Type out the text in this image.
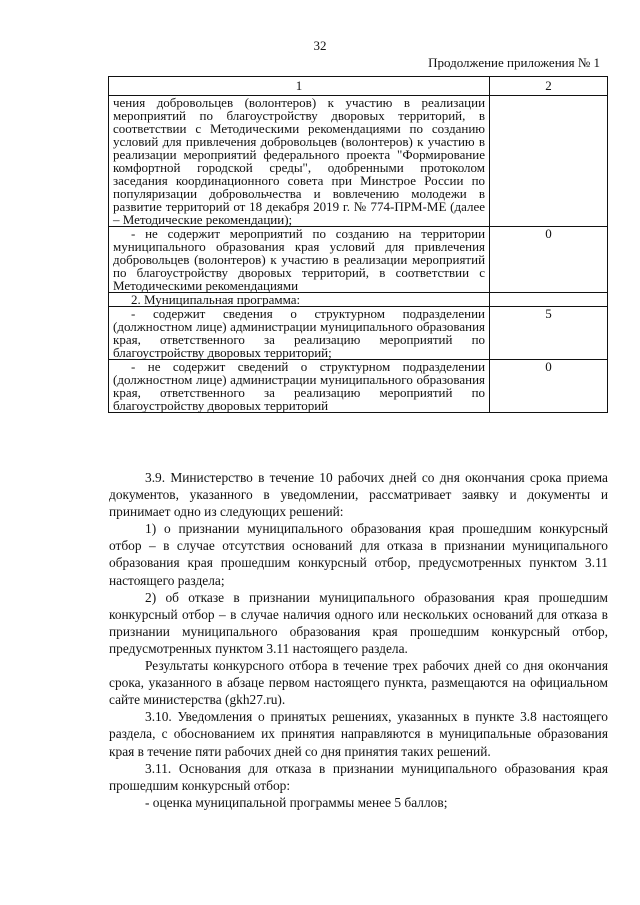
32
Продолжение приложения № 1
1	2
чения добровольцев (волонтеров) к участию в реализации мероприятий по благоустройству дворовых территорий, в соответствии с Методическими рекомендациями по созданию условий для привлечения добровольцев (волонтеров) к участию в реализации мероприятий федерального проекта "Формирование комфортной городской среды", одобренными протоколом заседания координационного совета при Минстрое России по популяризации добровольчества и вовлечению молодежи в развитие территорий от 18 декабря 2019 г. № 774-ПРМ-МЕ (далее – Методические рекомендации);	
- не содержит мероприятий по созданию на территории муниципального образования края условий для привлечения добровольцев (волонтеров) к участию в реализации мероприятий по благоустройству дворовых территорий, в соответствии с Методическими рекомендациями	0
2. Муниципальная программа:	
- содержит сведения о структурном подразделении (должностном лице) администрации муниципального образования края, ответственного за реализацию мероприятий по благоустройству дворовых территорий;	5
- не содержит сведений о структурном подразделении (должностном лице) администрации муниципального образования края, ответственного за реализацию мероприятий по благоустройству дворовых территорий	0

3.9. Министерство в течение 10 рабочих дней со дня окончания срока приема документов, указанного в уведомлении, рассматривает заявку и документы и принимает одно из следующих решений:

1) о признании муниципального образования края прошедшим конкурсный отбор – в случае отсутствия оснований для отказа в признании муниципального образования края прошедшим конкурсный отбор, предусмотренных пунктом 3.11 настоящего раздела;

2) об отказе в признании муниципального образования края прошедшим конкурсный отбор – в случае наличия одного или нескольких оснований для отказа в признании муниципального образования края прошедшим конкурсный отбор, предусмотренных пунктом 3.11 настоящего раздела.

Результаты конкурсного отбора в течение трех рабочих дней со дня окончания срока, указанного в абзаце первом настоящего пункта, размещаются на официальном сайте министерства (gkh27.ru).

3.10. Уведомления о принятых решениях, указанных в пункте 3.8 настоящего раздела, с обоснованием их принятия направляются в муниципальные образования края в течение пяти рабочих дней со дня принятия таких решений.

3.11. Основания для отказа в признании муниципального образования края прошедшим конкурсный отбор:

- оценка муниципальной программы менее 5 баллов;
